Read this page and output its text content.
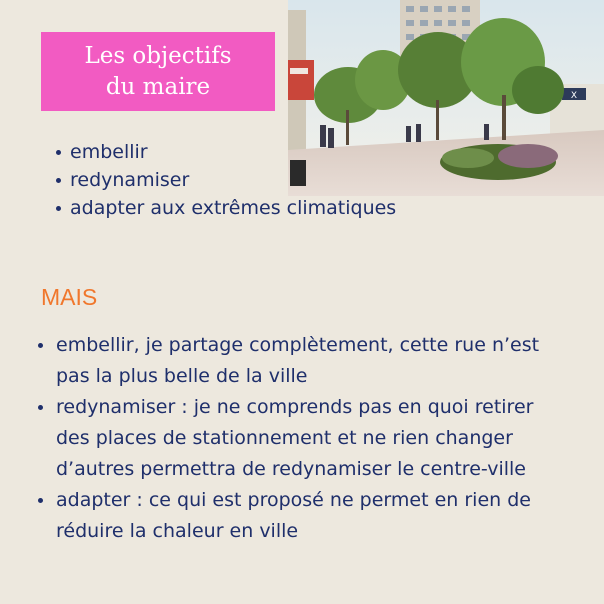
Les objectifs
du maire	X
embellir
redynamiser
adapter aux extrêmes climatiques
MAIS
embellir, je partage complètement, cette rue n’est
pas la plus belle de la ville
redynamiser : je ne comprends pas en quoi retirer
des places de stationnement et ne rien changer
d’autres permettra de redynamiser le centre-ville
adapter : ce qui est proposé ne permet en rien de
réduire la chaleur en ville
